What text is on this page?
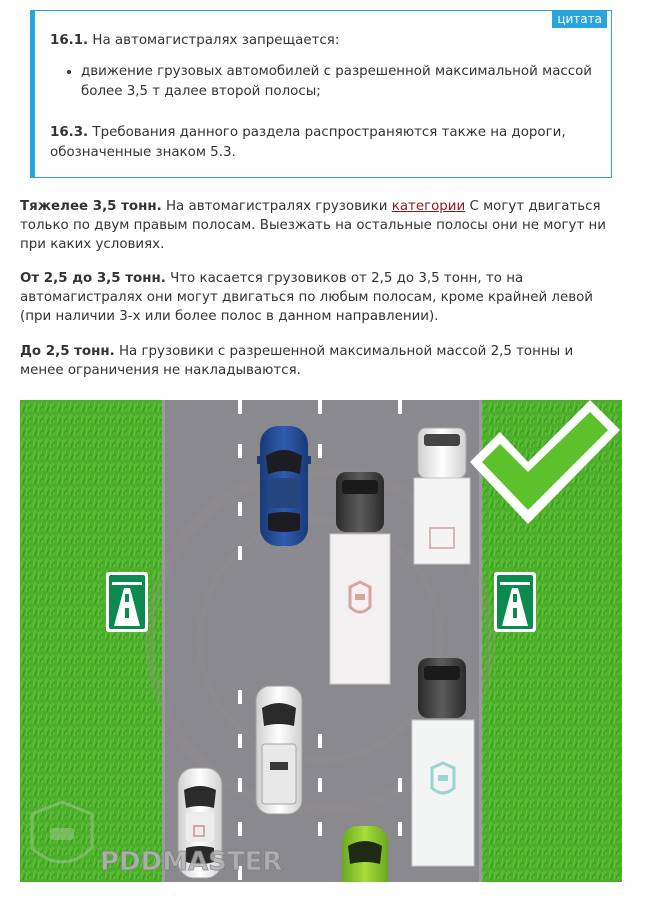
цитата

16.1. На автомагистралях запрещается:

• движение грузовых автомобилей с разрешенной максимальной массой более 3,5 т далее второй полосы;

16.3. Требования данного раздела распространяются также на дороги, обозначенные знаком 5.3.

Тяжелее 3,5 тонн. На автомагистралях грузовики категории С могут двигаться только по двум правым полосам. Выезжать на остальные полосы они не могут ни при каких условиях.

От 2,5 до 3,5 тонн. Что касается грузовиков от 2,5 до 3,5 тонн, то на автомагистралях они могут двигаться по любым полосам, кроме крайней левой (при наличии 3-х или более полос в данном направлении).

До 2,5 тонн. На грузовики с разрешенной максимальной массой 2,5 тонны и менее ограничения не накладываются.

PDDMASTER
